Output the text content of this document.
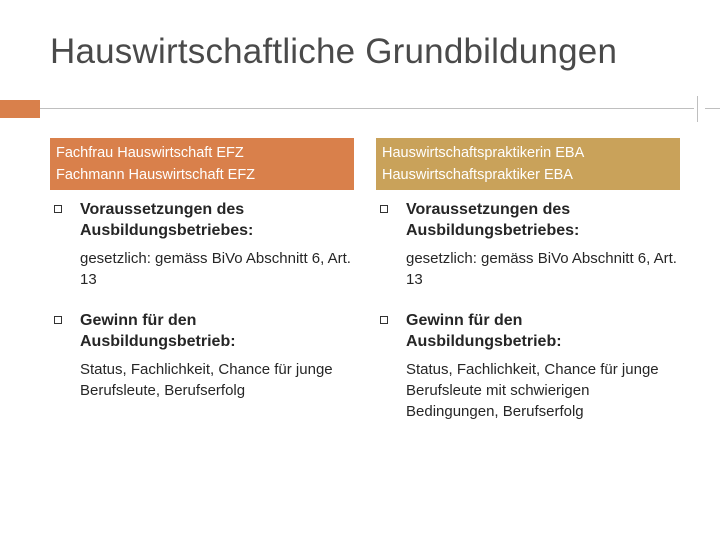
Hauswirtschaftliche Grundbildungen
Fachfrau Hauswirtschaft EFZ
Fachmann Hauswirtschaft EFZ
Voraussetzungen des Ausbildungsbetriebes:
gesetzlich: gemäss BiVo Abschnitt 6, Art. 13
Gewinn für den Ausbildungsbetrieb:
Status, Fachlichkeit, Chance für junge Berufsleute, Berufserfolg
Hauswirtschaftspraktikerin EBA
Hauswirtschaftspraktiker EBA
Voraussetzungen des Ausbildungsbetriebes:
gesetzlich: gemäss BiVo Abschnitt 6, Art. 13
Gewinn für den Ausbildungsbetrieb:
Status, Fachlichkeit, Chance für junge Berufsleute mit schwierigen Bedingungen, Berufserfolg
